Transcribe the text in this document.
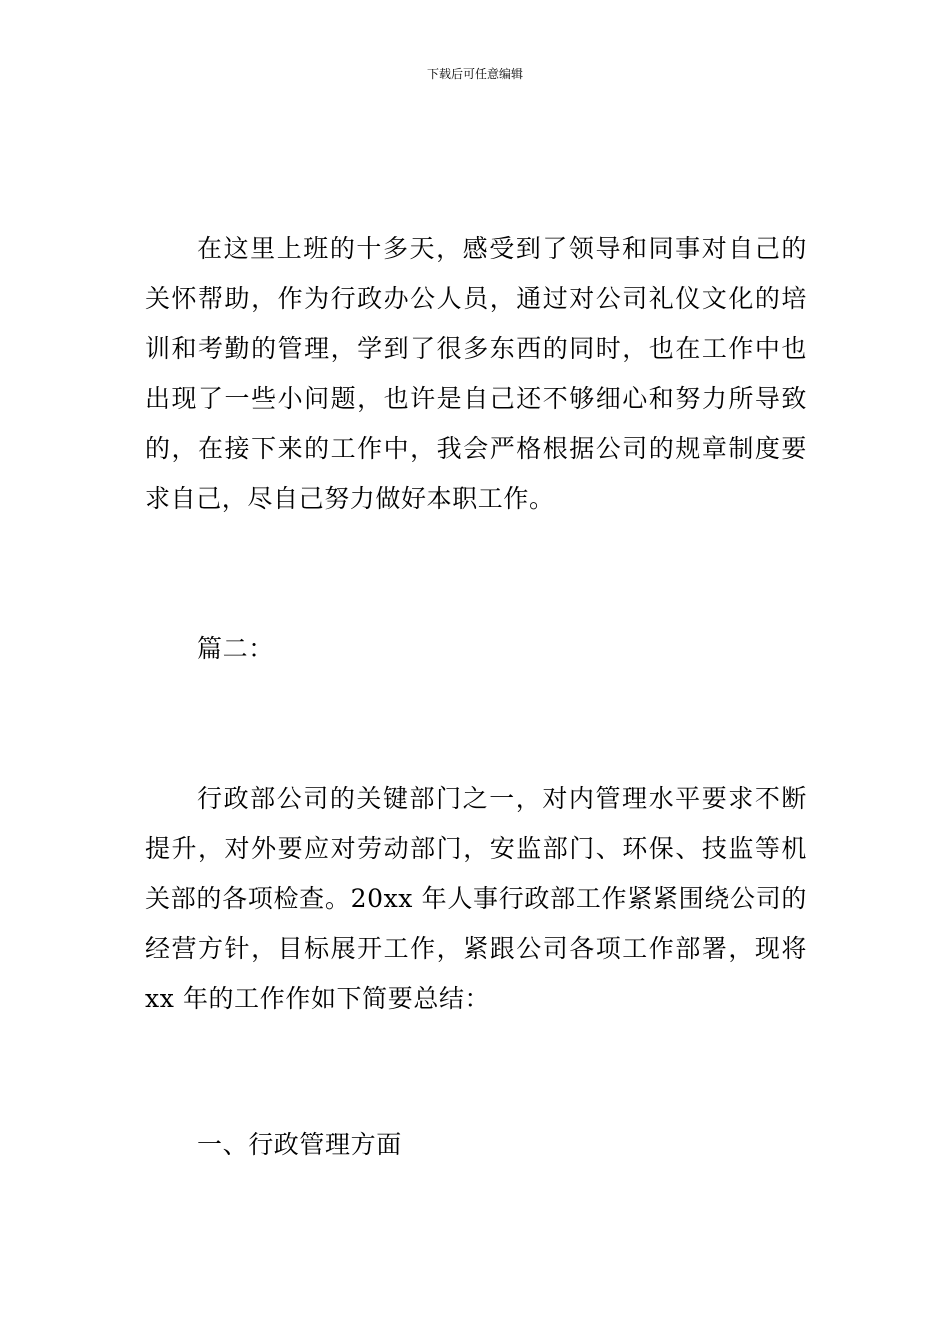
下载后可任意编辑

在这里上班的十多天，感受到了领导和同事对自己的关怀帮助，作为行政办公人员，通过对公司礼仪文化的培训和考勤的管理，学到了很多东西的同时，也在工作中也出现了一些小问题，也许是自己还不够细心和努力所导致的，在接下来的工作中，我会严格根据公司的规章制度要求自己，尽自己努力做好本职工作。

篇二：

行政部公司的关键部门之一，对内管理水平要求不断提升，对外要应对劳动部门，安监部门、环保、技监等机关部的各项检查。20xx 年人事行政部工作紧紧围绕公司的经营方针，目标展开工作，紧跟公司各项工作部署，现将 xx 年的工作作如下简要总结：

一、行政管理方面
